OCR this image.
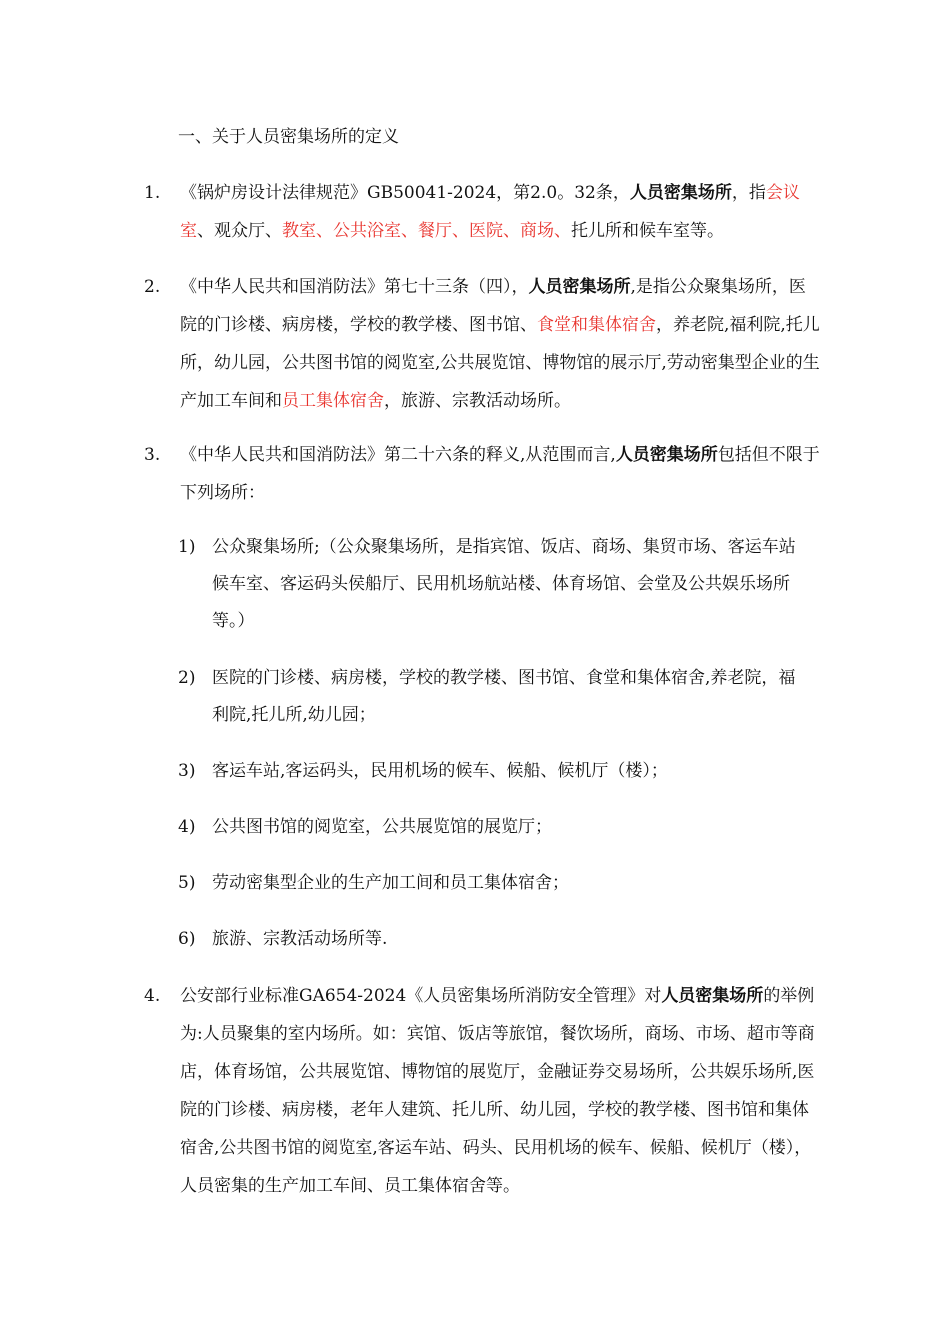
一、关于人员密集场所的定义
1. 《锅炉房设计法律规范》GB50041-2024，第2.0。32条，人员密集场所，指会议室、观众厅、教室、公共浴室、餐厅、医院、商场、托儿所和候车室等。
2. 《中华人民共和国消防法》第七十三条（四），人员密集场所,是指公众聚集场所，医院的门诊楼、病房楼，学校的教学楼、图书馆、食堂和集体宿舍，养老院,福利院,托儿所，幼儿园，公共图书馆的阅览室,公共展览馆、博物馆的展示厅,劳动密集型企业的生产加工车间和员工集体宿舍，旅游、宗教活动场所。
3. 《中华人民共和国消防法》第二十六条的释义,从范围而言,人员密集场所包括但不限于下列场所：
1) 公众聚集场所;（公众聚集场所，是指宾馆、饭店、商场、集贸市场、客运车站候车室、客运码头侯船厅、民用机场航站楼、体育场馆、会堂及公共娱乐场所等。）
2) 医院的门诊楼、病房楼，学校的教学楼、图书馆、食堂和集体宿舍,养老院，福利院,托儿所,幼儿园；
3) 客运车站,客运码头，民用机场的候车、候船、候机厅（楼）；
4) 公共图书馆的阅览室，公共展览馆的展览厅；
5) 劳动密集型企业的生产加工间和员工集体宿舍；
6) 旅游、宗教活动场所等.
4. 公安部行业标准GA654-2024《人员密集场所消防安全管理》对人员密集场所的举例为:人员聚集的室内场所。如：宾馆、饭店等旅馆，餐饮场所，商场、市场、超市等商店，体育场馆，公共展览馆、博物馆的展览厅，金融证券交易场所，公共娱乐场所,医院的门诊楼、病房楼，老年人建筑、托儿所、幼儿园，学校的教学楼、图书馆和集体宿舍,公共图书馆的阅览室,客运车站、码头、民用机场的候车、候船、候机厅（楼），人员密集的生产加工车间、员工集体宿舍等。
